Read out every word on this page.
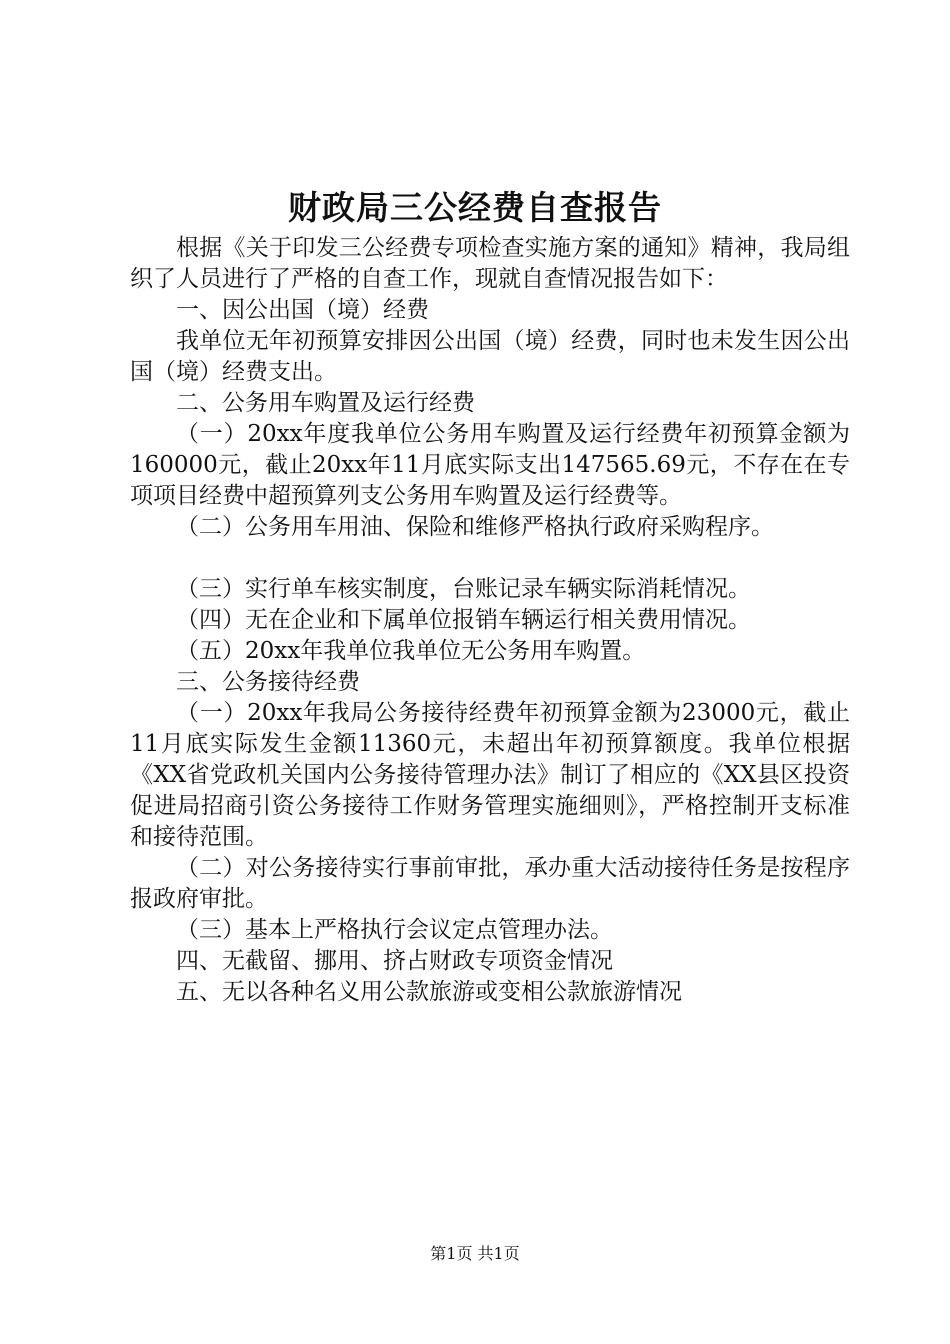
财政局三公经费自查报告

根据《关于印发三公经费专项检查实施方案的通知》精神，我局组织了人员进行了严格的自查工作，现就自查情况报告如下：

一、因公出国（境）经费

我单位无年初预算安排因公出国（境）经费，同时也未发生因公出国（境）经费支出。

二、公务用车购置及运行经费

（一）20xx年度我单位公务用车购置及运行经费年初预算金额为160000元，截止20xx年11月底实际支出147565.69元，不存在在专项项目经费中超预算列支公务用车购置及运行经费等。

（二）公务用车用油、保险和维修严格执行政府采购程序。

（三）实行单车核实制度，台账记录车辆实际消耗情况。

（四）无在企业和下属单位报销车辆运行相关费用情况。

（五）20xx年我单位我单位无公务用车购置。

三、公务接待经费

（一）20xx年我局公务接待经费年初预算金额为23000元，截止11月底实际发生金额11360元，未超出年初预算额度。我单位根据《XX省党政机关国内公务接待管理办法》制订了相应的《XX县区投资促进局招商引资公务接待工作财务管理实施细则》，严格控制开支标准和接待范围。

（二）对公务接待实行事前审批，承办重大活动接待任务是按程序报政府审批。

（三）基本上严格执行会议定点管理办法。

四、无截留、挪用、挤占财政专项资金情况

五、无以各种名义用公款旅游或变相公款旅游情况

第1页 共1页
